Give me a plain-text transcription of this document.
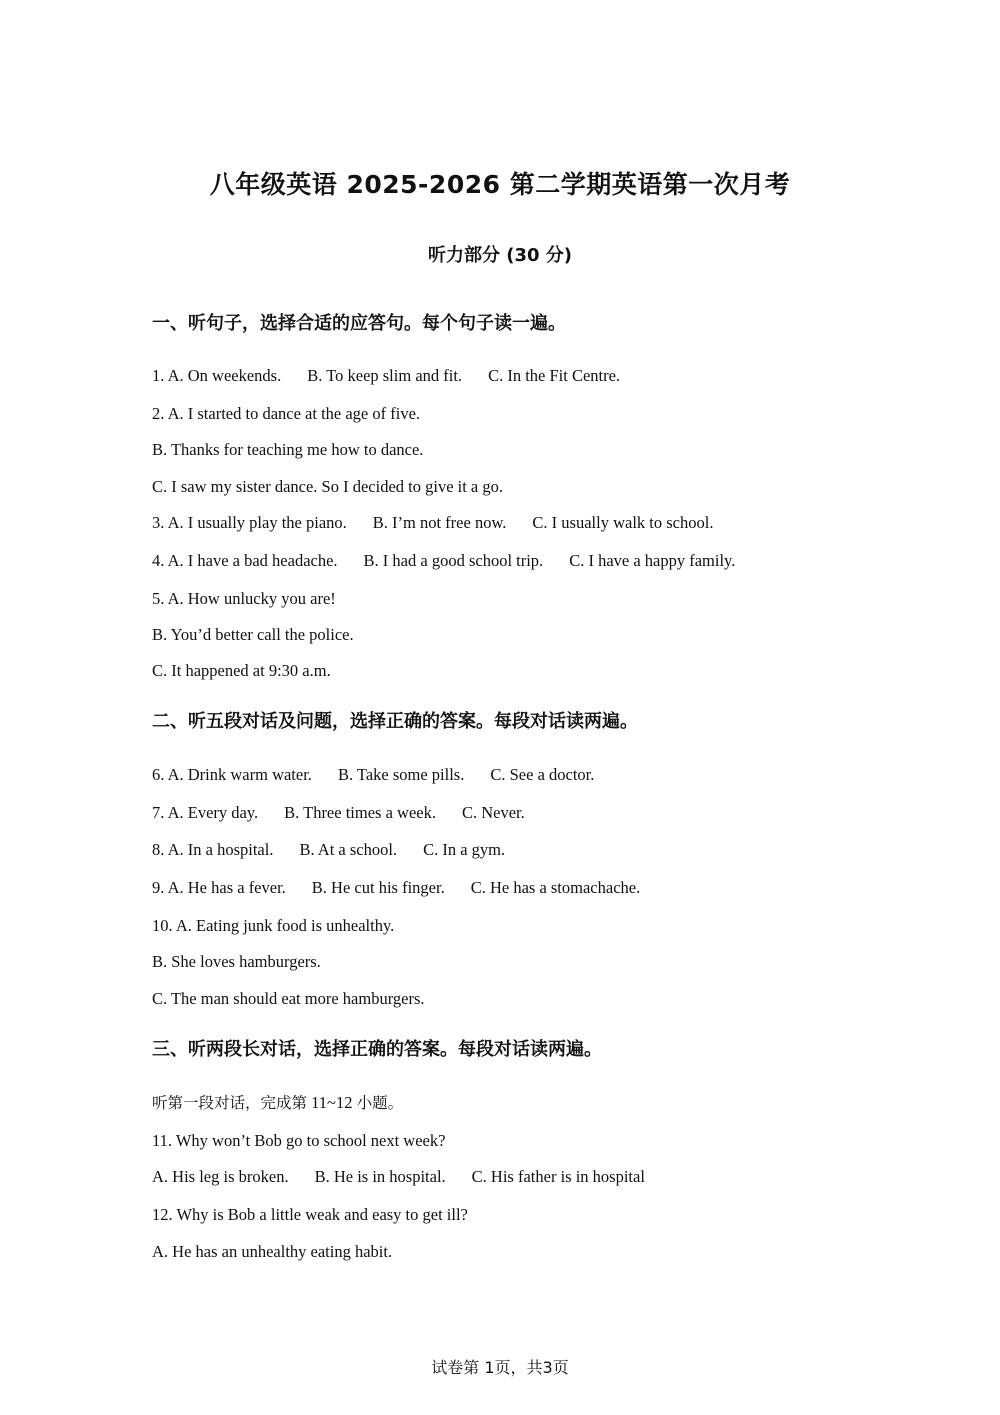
八年级英语 2025-2026 第二学期英语第一次月考
听力部分 (30 分)
一、听句子，选择合适的应答句。每个句子读一遍。
1. A. On weekends. B. To keep slim and fit. C. In the Fit Centre.
2. A. I started to dance at the age of five.
B. Thanks for teaching me how to dance.
C. I saw my sister dance. So I decided to give it a go.
3. A. I usually play the piano. B. I’m not free now. C. I usually walk to school.
4. A. I have a bad headache. B. I had a good school trip. C. I have a happy family.
5. A. How unlucky you are!
B. You’d better call the police.
C. It happened at 9:30 a.m.
二、听五段对话及问题，选择正确的答案。每段对话读两遍。
6. A. Drink warm water. B. Take some pills. C. See a doctor.
7. A. Every day. B. Three times a week. C. Never.
8. A. In a hospital. B. At a school. C. In a gym.
9. A. He has a fever. B. He cut his finger. C. He has a stomachache.
10. A. Eating junk food is unhealthy.
B. She loves hamburgers.
C. The man should eat more hamburgers.
三、听两段长对话，选择正确的答案。每段对话读两遍。
听第一段对话，完成第 11~12 小题。
11. Why won’t Bob go to school next week?
A. His leg is broken. B. He is in hospital. C. His father is in hospital
12. Why is Bob a little weak and easy to get ill?
A. He has an unhealthy eating habit.
试卷第 1页，共3页
